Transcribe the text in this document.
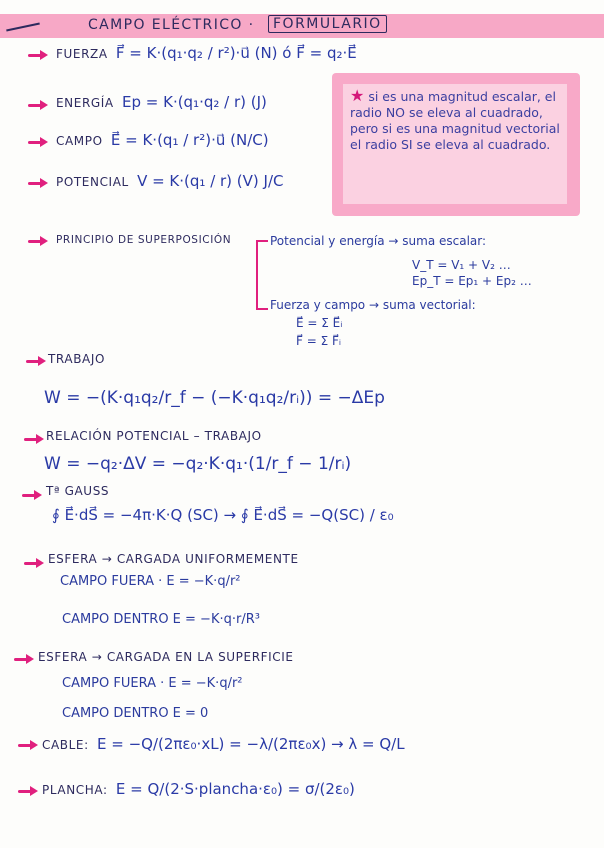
CAMPO ELÉCTRICO ·	FORMULARIO
FUERZA F⃗ = K·(q₁·q₂ / r²)·u⃗ (N) ó F⃗ = q₂·E⃗
ENERGÍA Ep = K·(q₁·q₂ / r) (J)
CAMPO E⃗ = K·(q₁ / r²)·u⃗ (N/C)
POTENCIAL V = K·(q₁ / r) (V) J/C
★ si es una magnitud escalar, el radio NO se eleva al cuadrado, pero si es una magnitud vectorial el radio SI se eleva al cuadrado.
PRINCIPIO DE SUPERPOSICIÓN	Potencial y energía → suma escalar:
V_T = V₁ + V₂ …
Ep_T = Ep₁ + Ep₂ …
Fuerza y campo → suma vectorial:
E⃗ = Σ E⃗ᵢ
F⃗ = Σ F⃗ᵢ
TRABAJO
W = −(K·q₁q₂/r_f − (−K·q₁q₂/rᵢ)) = −ΔEp
RELACIÓN POTENCIAL – TRABAJO
W = −q₂·ΔV = −q₂·K·q₁·(1/r_f − 1/rᵢ)
Tª GAUSS
∮ E⃗·dS⃗ = −4π·K·Q (SC) → ∮ E⃗·dS⃗ = −Q(SC) / ε₀
ESFERA → CARGADA UNIFORMEMENTE
CAMPO FUERA · E = −K·q/r²
CAMPO DENTRO E = −K·q·r/R³
ESFERA → CARGADA EN LA SUPERFICIE
CAMPO FUERA · E = −K·q/r²
CAMPO DENTRO E = 0
CABLE: E = −Q/(2πε₀·xL) = −λ/(2πε₀x) → λ = Q/L
PLANCHA: E = Q/(2·S·plancha·ε₀) = σ/(2ε₀)
